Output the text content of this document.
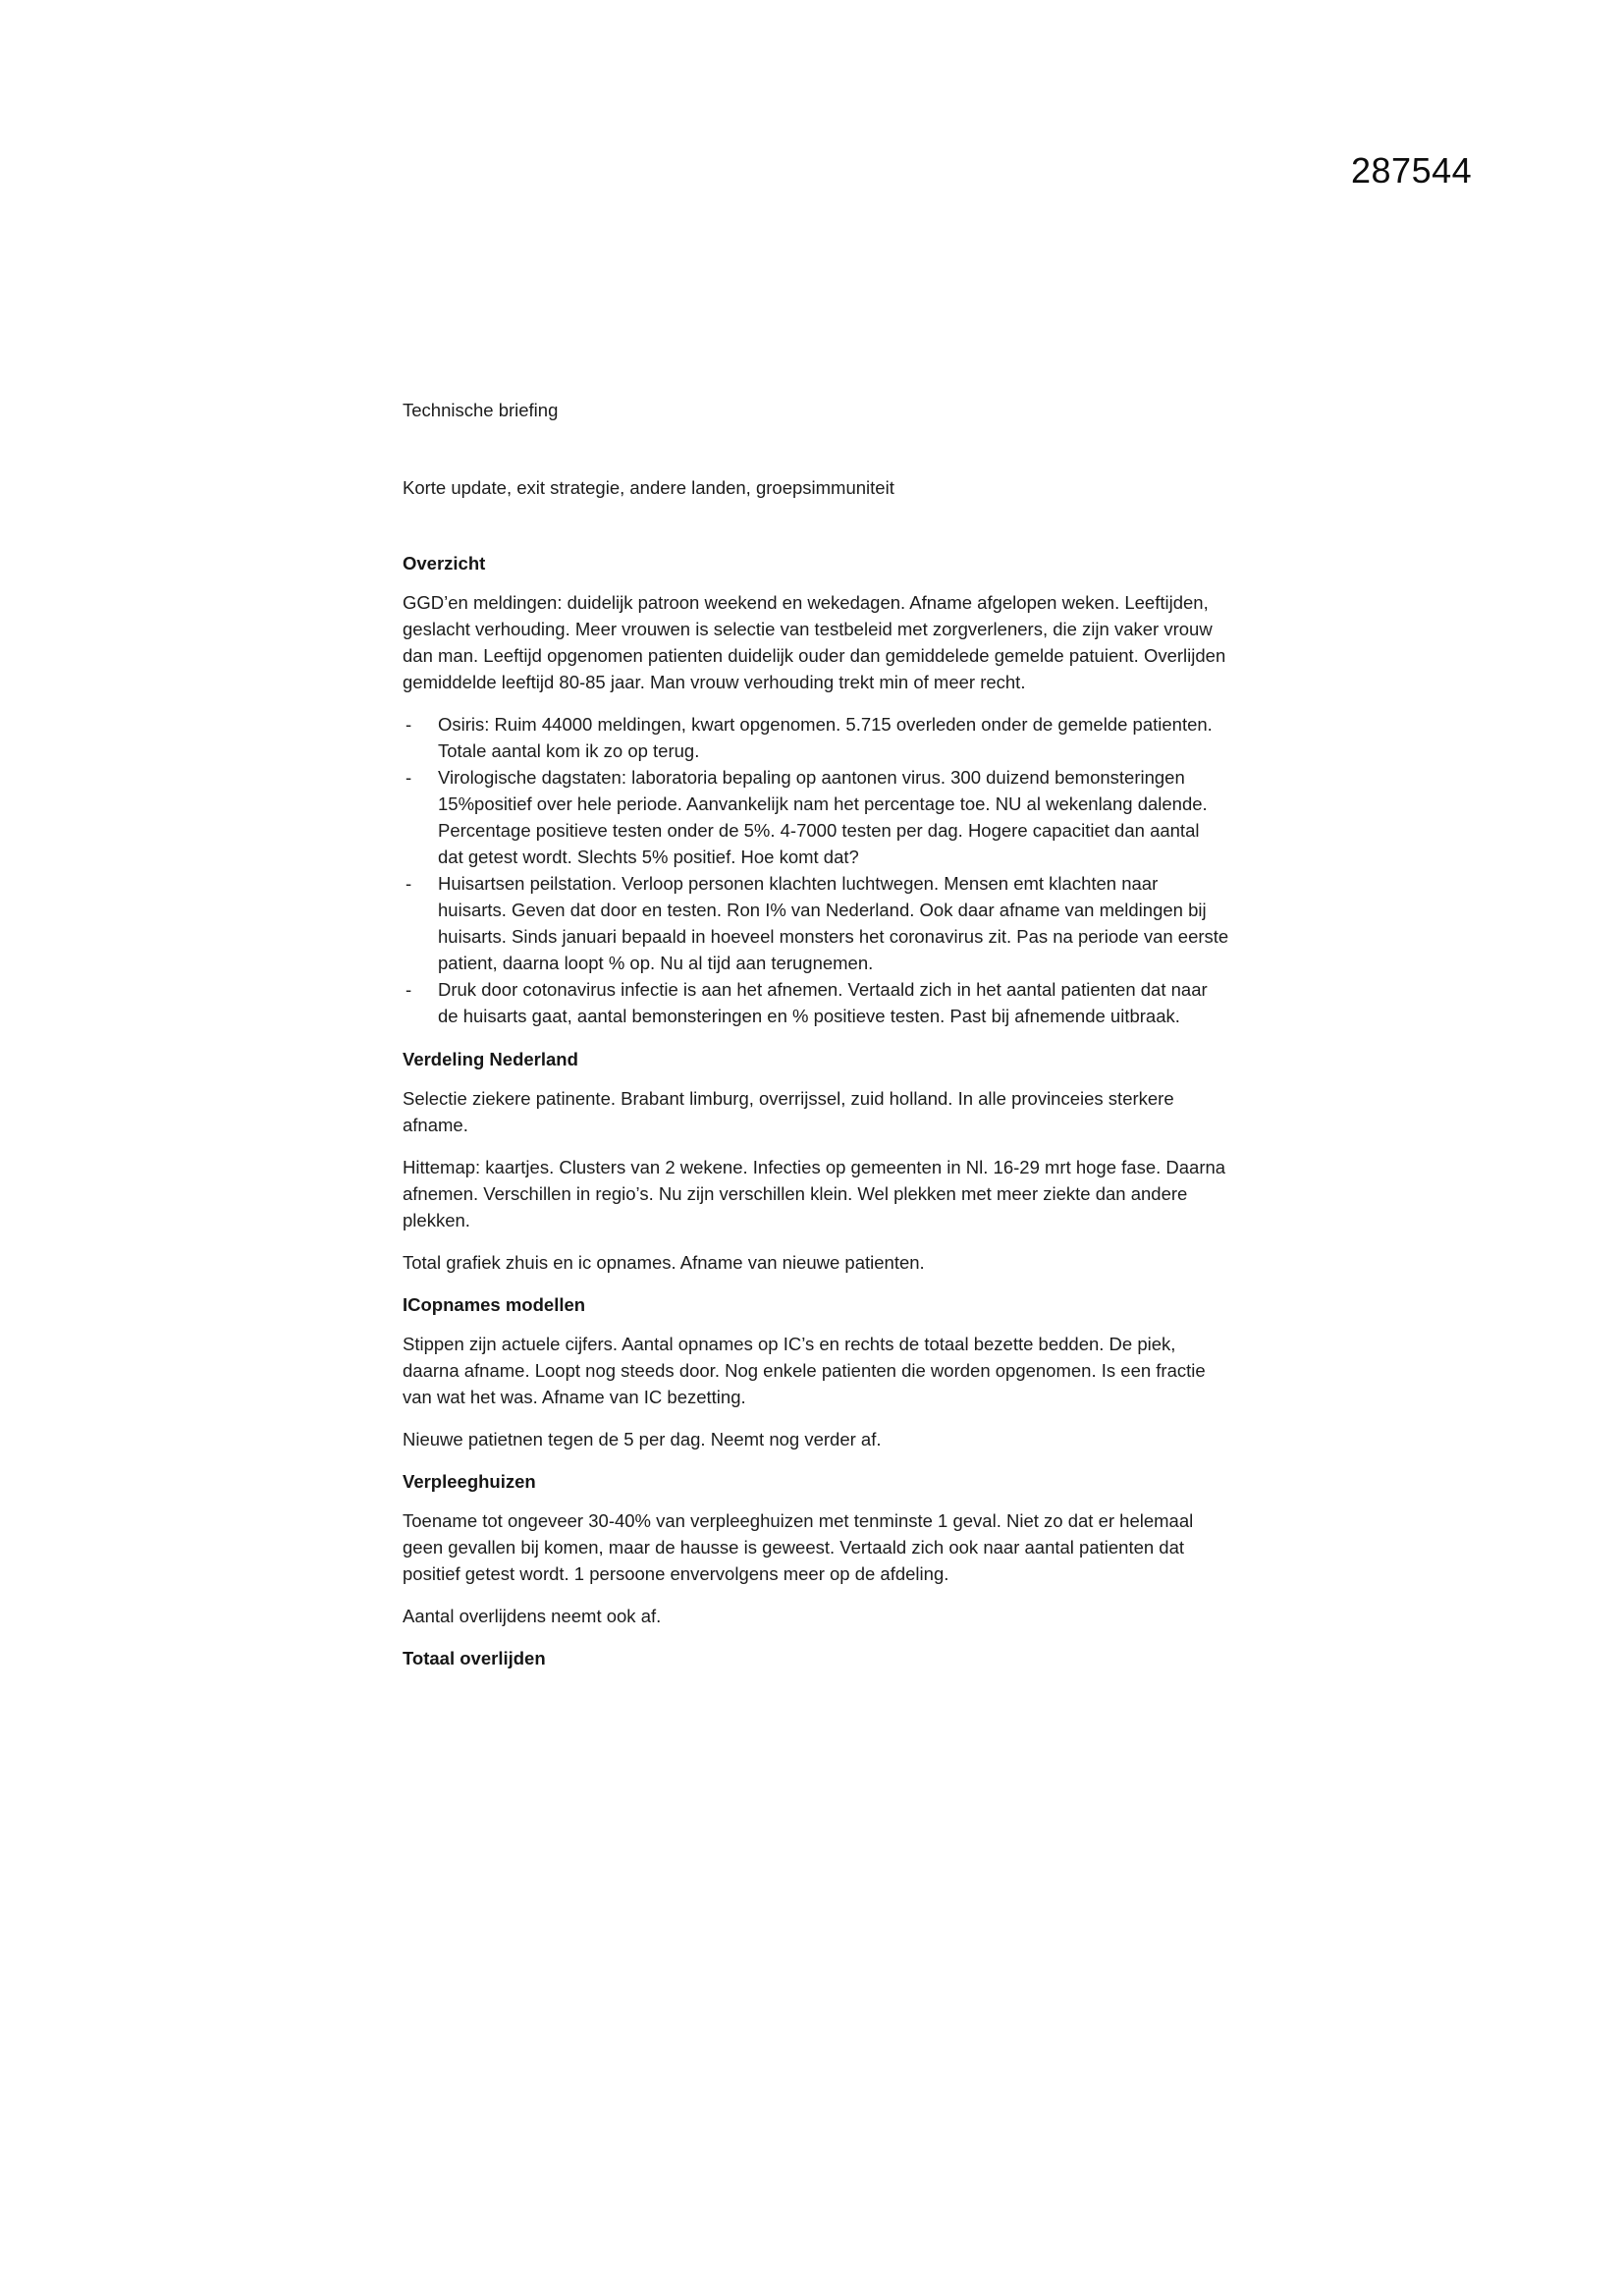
287544

Technische briefing

Korte update, exit strategie, andere landen, groepsimmuniteit

Overzicht

GGD’en meldingen: duidelijk patroon weekend en wekedagen. Afname afgelopen weken. Leeftijden, geslacht verhouding. Meer vrouwen is selectie van testbeleid met zorgverleners, die zijn vaker vrouw dan man. Leeftijd opgenomen patienten duidelijk ouder dan gemiddelede gemelde patuient. Overlijden gemiddelde leeftijd 80-85 jaar. Man vrouw verhouding trekt min of meer recht.

- Osiris: Ruim 44000 meldingen, kwart opgenomen. 5.715 overleden onder de gemelde patienten. Totale aantal kom ik zo op terug.
- Virologische dagstaten: laboratoria bepaling op aantonen virus. 300 duizend bemonsteringen 15%positief over hele periode. Aanvankelijk nam het percentage toe. NU al wekenlang dalende. Percentage positieve testen onder de 5%. 4-7000 testen per dag. Hogere capacitiet dan aantal dat getest wordt. Slechts 5% positief. Hoe komt dat?
- Huisartsen peilstation. Verloop personen klachten luchtwegen. Mensen emt klachten naar huisarts. Geven dat door en testen. Ron I% van Nederland. Ook daar afname van meldingen bij huisarts. Sinds januari bepaald in hoeveel monsters het coronavirus zit. Pas na periode van eerste patient, daarna loopt % op. Nu al tijd aan terugnemen.
- Druk door cotonavirus infectie is aan het afnemen. Vertaald zich in het aantal patienten dat naar de huisarts gaat, aantal bemonsteringen en % positieve testen. Past bij afnemende uitbraak.
Verdeling Nederland

Selectie ziekere patinente. Brabant limburg, overrijssel, zuid holland. In alle provinceies sterkere afname.

Hittemap: kaartjes. Clusters van 2 wekene. Infecties op gemeenten in Nl. 16-29 mrt hoge fase. Daarna afnemen. Verschillen in regio’s. Nu zijn verschillen klein. Wel plekken met meer ziekte dan andere plekken.

Total grafiek zhuis en ic opnames. Afname van nieuwe patienten.

ICopnames modellen

Stippen zijn actuele cijfers. Aantal opnames op IC’s en rechts de totaal bezette bedden. De piek, daarna afname. Loopt nog steeds door. Nog enkele patienten die worden opgenomen. Is een fractie van wat het was. Afname van IC bezetting.

Nieuwe patietnen tegen de 5 per dag. Neemt nog verder af.

Verpleeghuizen

Toename tot ongeveer 30-40% van verpleeghuizen met tenminste 1 geval. Niet zo dat er helemaal geen gevallen bij komen, maar de hausse is geweest. Vertaald zich ook naar aantal patienten dat positief getest wordt. 1 persoone envervolgens meer op de afdeling.

Aantal overlijdens neemt ook af.

Totaal overlijden
